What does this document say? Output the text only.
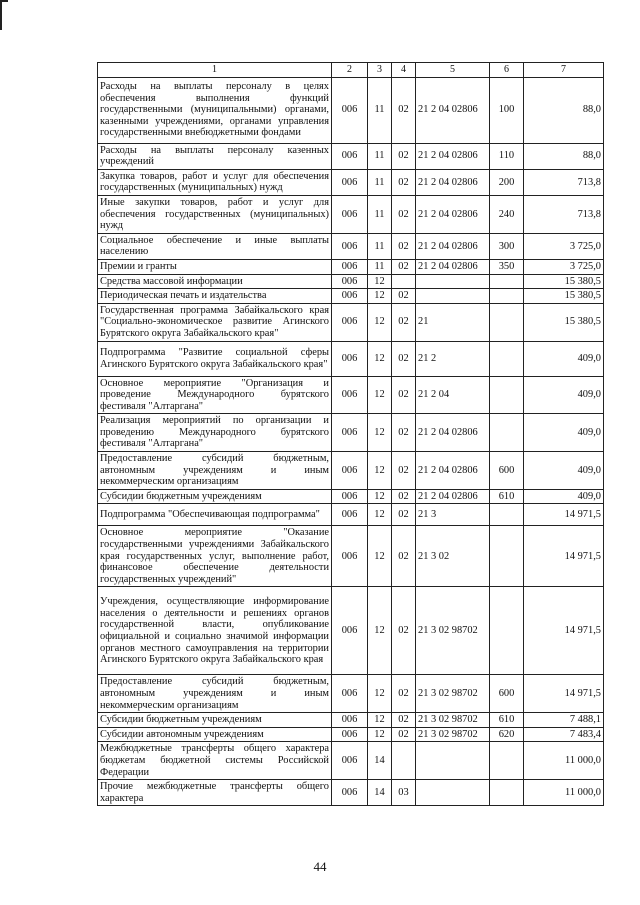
1	2	3	4	5	6	7
Расходы на выплаты персоналу в целях обеспечения выполнения функций государственными (муниципальными) органами, казенными учреждениями, органами управления государственными внебюджетными фондами	006	11	02	21 2 04 02806	100	88,0
Расходы на выплаты персоналу казенных учреждений	006	11	02	21 2 04 02806	110	88,0
Закупка товаров, работ и услуг для обеспечения государственных (муниципальных) нужд	006	11	02	21 2 04 02806	200	713,8
Иные закупки товаров, работ и услуг для обеспечения государственных (муниципальных) нужд	006	11	02	21 2 04 02806	240	713,8
Социальное обеспечение и иные выплаты населению	006	11	02	21 2 04 02806	300	3 725,0
Премии и гранты	006	11	02	21 2 04 02806	350	3 725,0
Средства массовой информации	006	12				15 380,5
Периодическая печать и издательства	006	12	02			15 380,5
Государственная программа Забайкальского края "Социально-экономическое развитие Агинского Бурятского округа Забайкальского края"	006	12	02	21		15 380,5
Подпрограмма "Развитие социальной сферы Агинского Бурятского округа Забайкальского края"	006	12	02	21 2		409,0
Основное мероприятие "Организация и проведение Международного бурятского фестиваля "Алтаргана"	006	12	02	21 2 04		409,0
Реализация мероприятий по организации и проведению Международного бурятского фестиваля "Алтаргана"	006	12	02	21 2 04 02806		409,0
Предоставление субсидий бюджетным, автономным учреждениям и иным некоммерческим организациям	006	12	02	21 2 04 02806	600	409,0
Субсидии бюджетным учреждениям	006	12	02	21 2 04 02806	610	409,0
Подпрограмма "Обеспечивающая подпрограмма"	006	12	02	21 3		14 971,5
Основное мероприятие "Оказание государственными учреждениями Забайкальского края государственных услуг, выполнение работ, финансовое обеспечение деятельности государственных учреждений"	006	12	02	21 3 02		14 971,5
Учреждения, осуществляющие информирование населения о деятельности и решениях органов государственной власти, опубликование официальной и социально значимой информации органов местного самоуправления на территории Агинского Бурятского округа Забайкальского края	006	12	02	21 3 02 98702		14 971,5
Предоставление субсидий бюджетным, автономным учреждениям и иным некоммерческим организациям	006	12	02	21 3 02 98702	600	14 971,5
Субсидии бюджетным учреждениям	006	12	02	21 3 02 98702	610	7 488,1
Субсидии автономным учреждениям	006	12	02	21 3 02 98702	620	7 483,4
Межбюджетные трансферты общего характера бюджетам бюджетной системы Российской Федерации	006	14				11 000,0
Прочие межбюджетные трансферты общего характера	006	14	03			11 000,0
44
